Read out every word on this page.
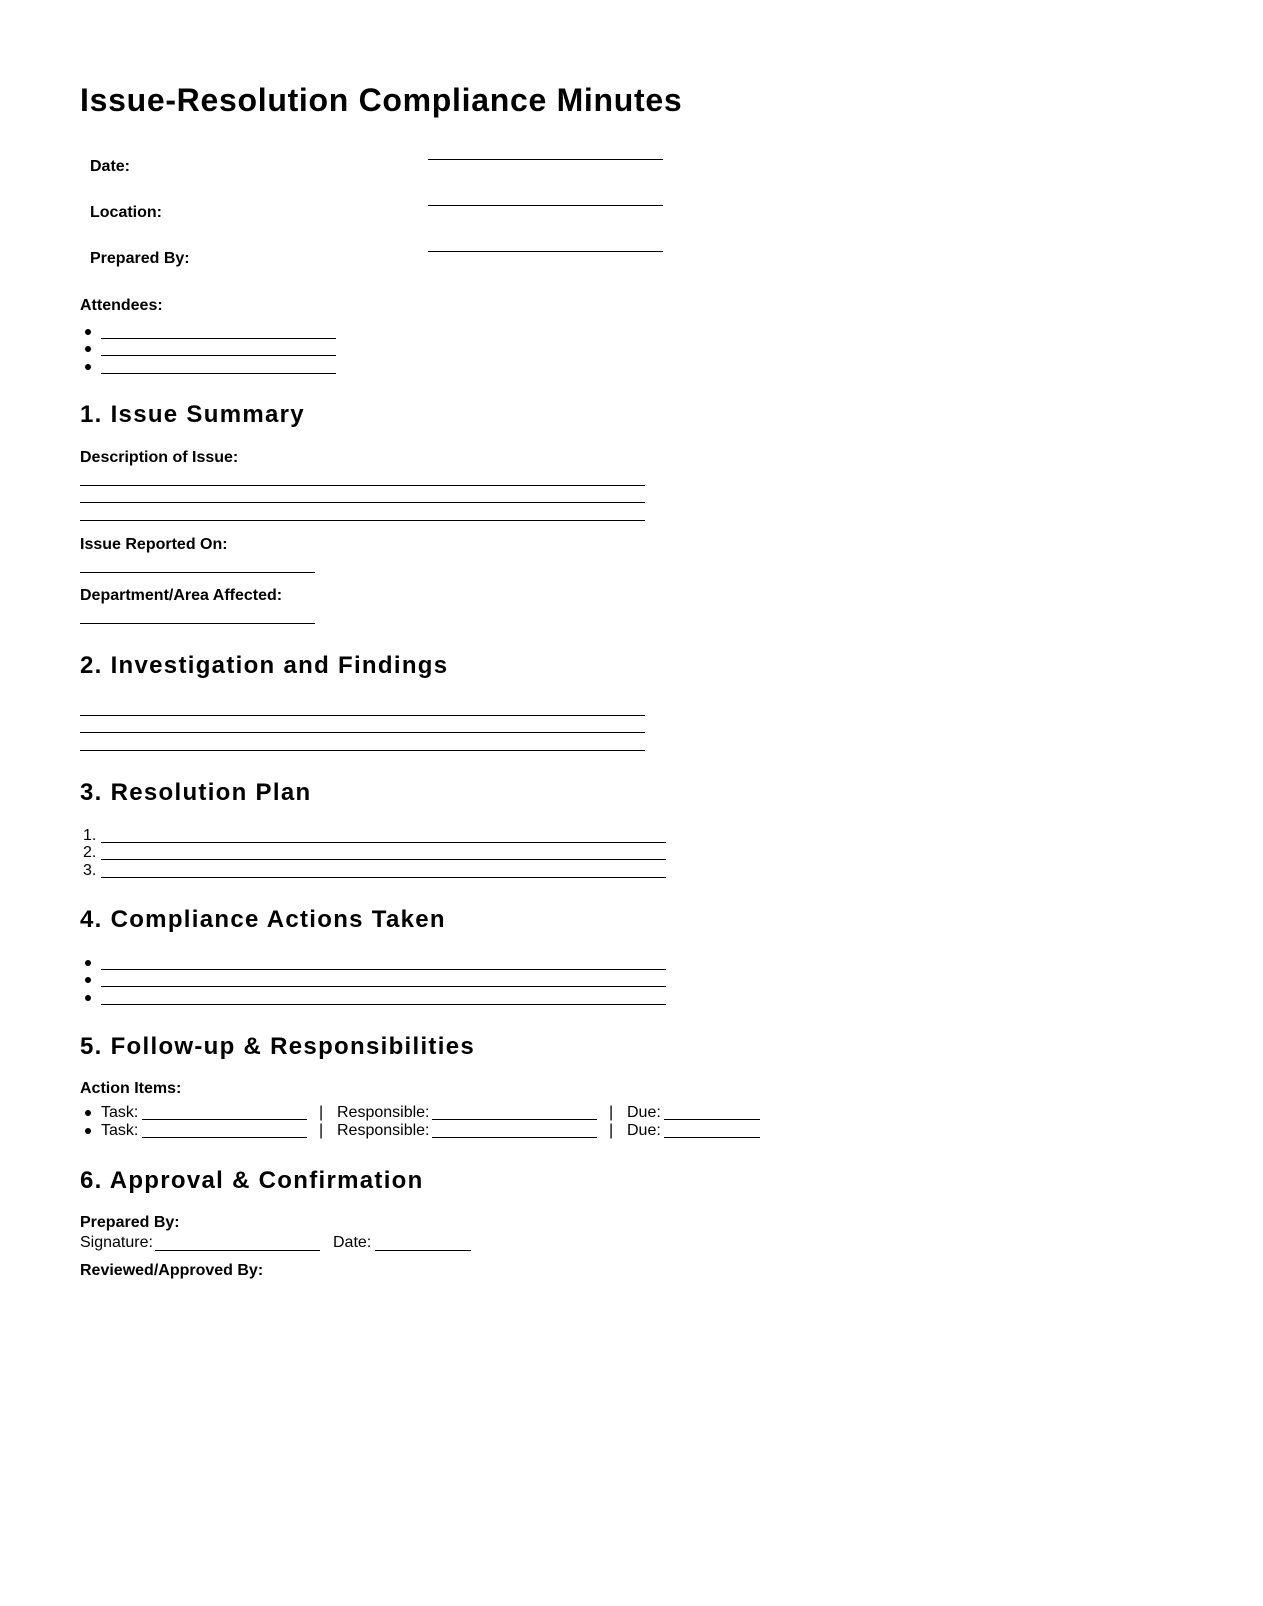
Issue-Resolution Compliance Minutes
Date:
Location:
Prepared By:
Attendees:
1. Issue Summary
Description of Issue:
Issue Reported On:
Department/Area Affected:
2. Investigation and Findings
3. Resolution Plan
1.
2.
3.
4. Compliance Actions Taken
5. Follow-up & Responsibilities
Action Items:
Task:	| Responsible:	| Due:
Task:	| Responsible:	| Due:
6. Approval & Confirmation
Prepared By:
Signature:	Date:
Reviewed/Approved By:
